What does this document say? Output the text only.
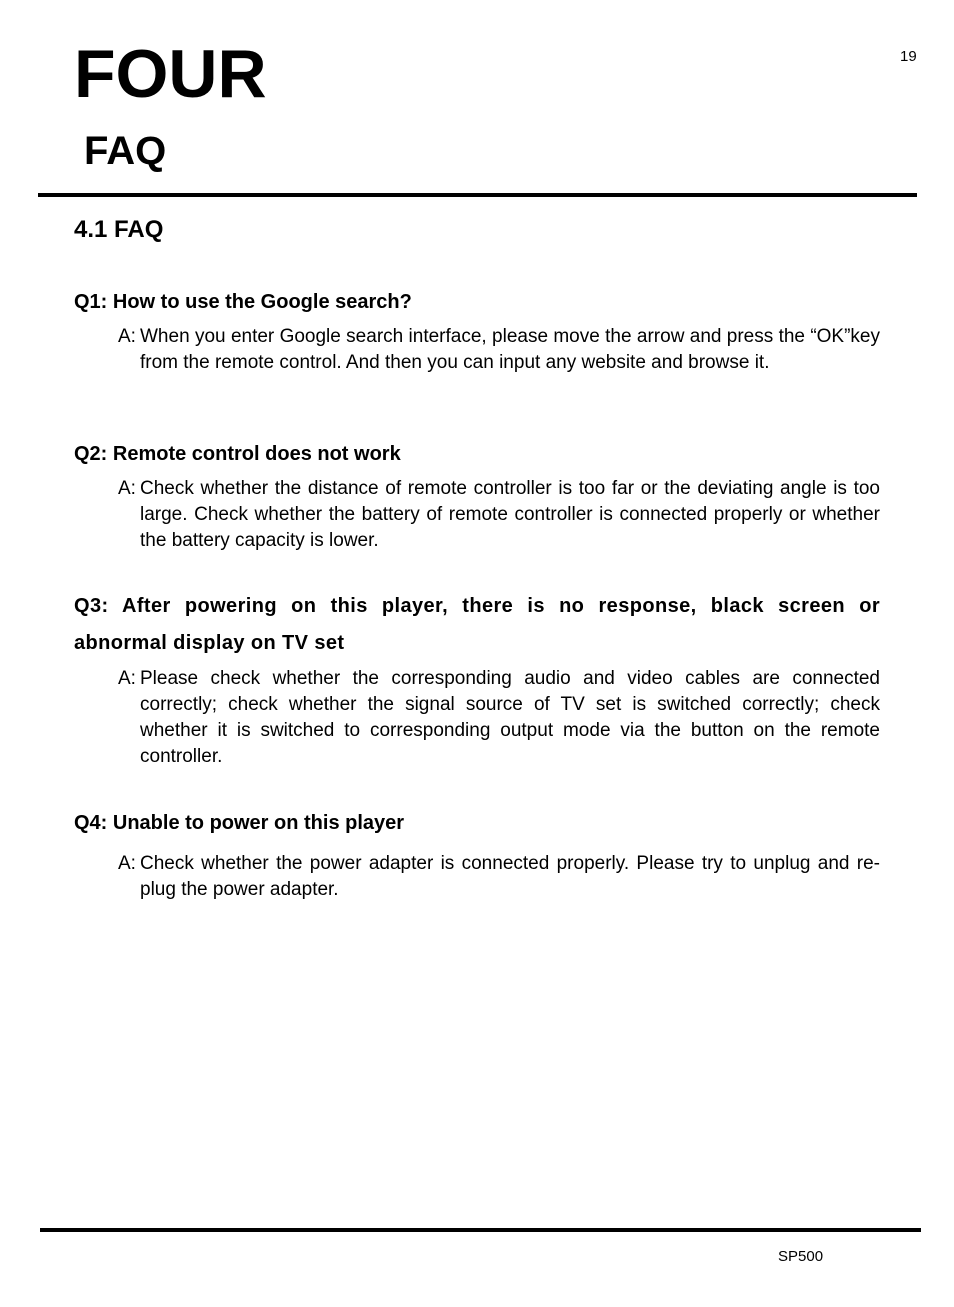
19
FOUR
FAQ
4.1 FAQ

Q1: How to use the Google search?

A: When you enter Google search interface, please move the arrow and press the “OK”key from the remote control. And then you can input any website and browse it.

Q2: Remote control does not work

A: Check whether the distance of remote controller is too far or the deviating angle is too large. Check whether the battery of remote controller is connected properly or whether the battery capacity is lower.

Q3: After powering on this player, there is no response, black screen or abnormal display on TV set

A: Please check whether the corresponding audio and video cables are connected correctly; check whether the signal source of TV set is switched correctly; check whether it is switched to corresponding output mode via the button on the remote controller.

Q4: Unable to power on this player

A: Check whether the power adapter is connected properly. Please try to unplug and re-plug the power adapter.
SP500
